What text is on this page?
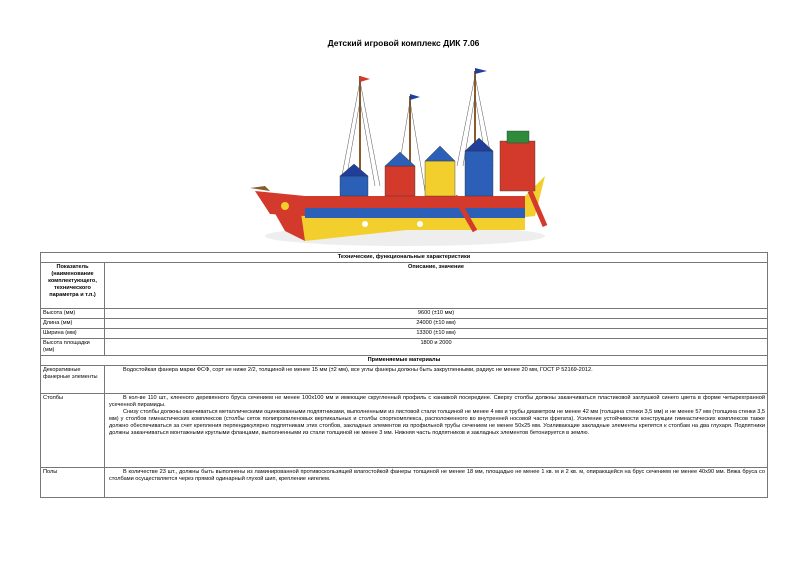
Детский игровой комплекс ДИК 7.06
Технические, функциональные характеристики	
Показатель (наименование комплектующего, технического параметра и т.п.)	Описание, значение
Высота (мм)	9600 (±10 мм)
Длина (мм)	24000 (±10 мм)
Ширина (мм)	13300 (±10 мм)
Высота площадки (мм)	1800 и 2000
Применяемые материалы	
Декоративные фанерные элементы	Водостойкая фанера марки ФСФ, сорт не ниже 2/2, толщиной не менее 15 мм (±2 мм), все углы фанеры должны быть закругленными, радиус не менее 20 мм, ГОСТ Р 52169-2012.

Столбы	В кол-ве 110 шт., клееного деревянного бруса сечением не менее 100х100 мм и имеющие скругленный профиль с канавкой посередине. Сверху столбы должны заканчиваться пластиковой заглушкой синего цвета в форме четырехгранной усеченной пирамиды.
Снизу столбы должны оканчиваться металлическими оцинкованными подпятниками, выполненными из листовой стали толщиной не менее 4 мм и трубы диаметром не менее 42 мм (толщина стенки 3,5 мм) и не менее 57 мм (толщина стенки 3,5 мм) у столбов гимнастических комплексов (столбы сеток полипропиленовых вертикальных и столбы спорткомплекса, расположенного во внутренней носовой части фрегата). Усиление устойчивости конструкции гимнастических комплексов также должно обеспечиваться за счет крепления перпендикулярно подпятникам этих столбов, закладных элементов из профильной трубы сечением не менее 50х25 мм. Усиливающие закладные элементы крепятся к столбам на два глухаря. Подпятники должны заканчиваться монтажными круглыми фланцами, выполненными из стали толщиной не менее 3 мм. Нижняя часть подпятников и закладных элементов бетонируется в землю.

Полы	В количестве 23 шт., должны быть выполнены из ламинированной противоскользящей влагостойкой фанеры толщиной не менее 18 мм, площадью не менее 1 кв. м и 2 кв. м, опирающейся на брус сечением не менее 40х90 мм. Вяжа бруса со столбами осуществляется через прямой одинарный глухой шип, крепление нигелем.
